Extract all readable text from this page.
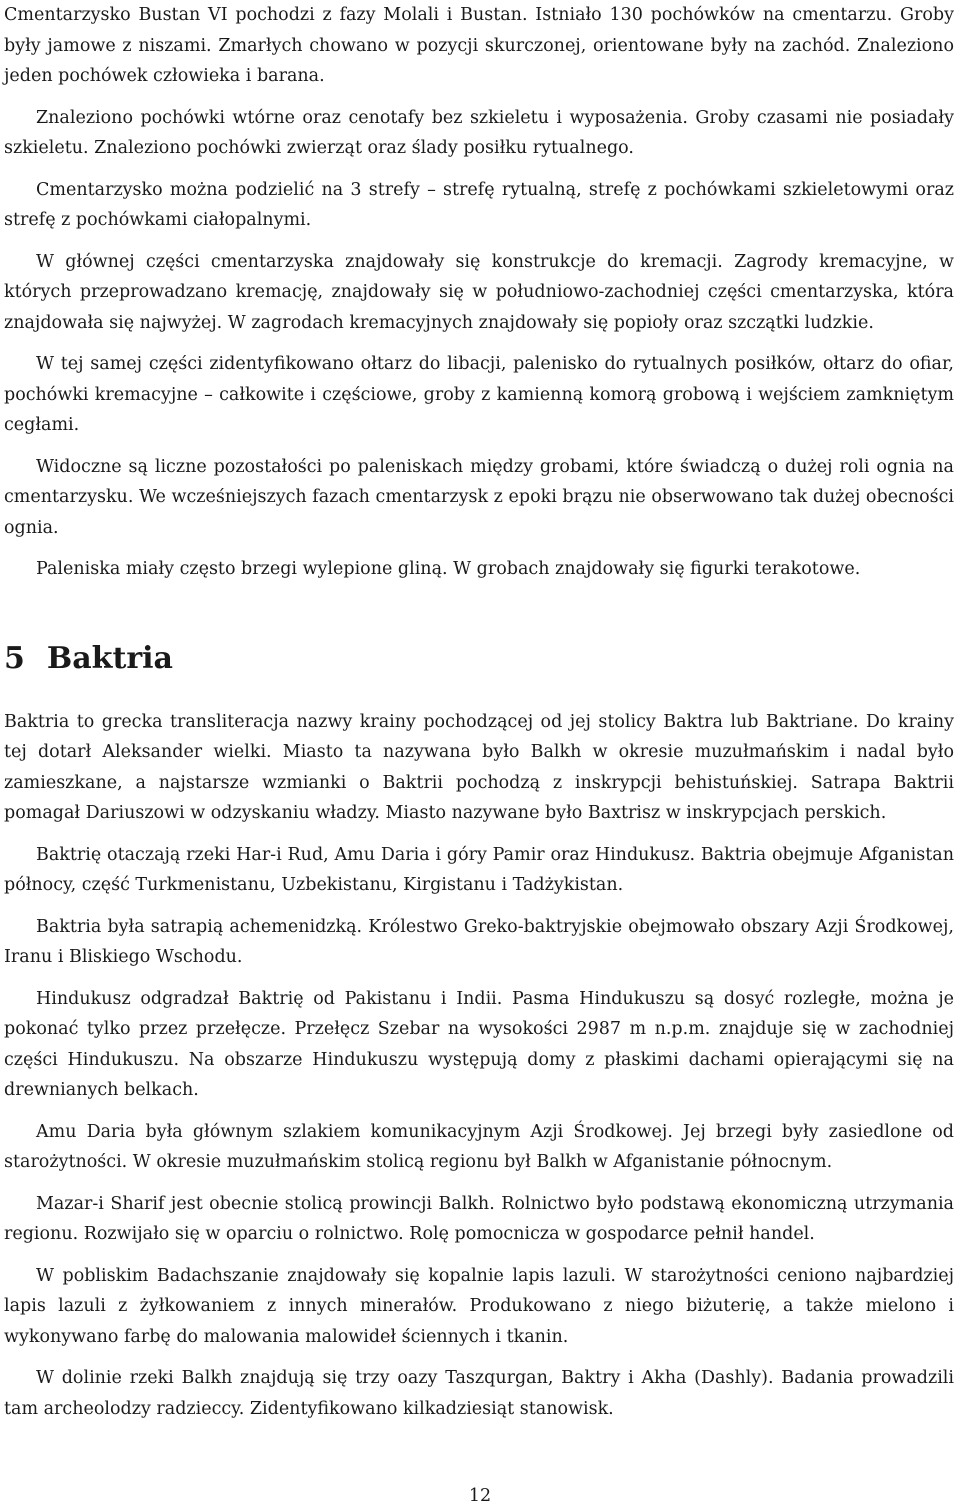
Cmentarzysko Bustan VI pochodzi z fazy Molali i Bustan. Istniało 130 pochówków na cmentarzu. Groby były jamowe z niszami. Zmarłych chowano w pozycji skurczonej, orientowane były na zachód. Znaleziono jeden pochówek człowieka i barana.

Znaleziono pochówki wtórne oraz cenotafy bez szkieletu i wyposażenia. Groby czasami nie posiadały szkieletu. Znaleziono pochówki zwierząt oraz ślady posiłku rytualnego.

Cmentarzysko można podzielić na 3 strefy – strefę rytualną, strefę z pochówkami szkieletowymi oraz strefę z pochówkami ciałopalnymi.

W głównej części cmentarzyska znajdowały się konstrukcje do kremacji. Zagrody kremacyjne, w których przeprowadzano kremację, znajdowały się w południowo-zachodniej części cmentarzyska, która znajdowała się najwyżej. W zagrodach kremacyjnych znajdowały się popioły oraz szczątki ludzkie.

W tej samej części zidentyfikowano ołtarz do libacji, palenisko do rytualnych posiłków, ołtarz do ofiar, pochówki kremacyjne – całkowite i częściowe, groby z kamienną komorą grobową i wejściem zamkniętym cegłami.

Widoczne są liczne pozostałości po paleniskach między grobami, które świadczą o dużej roli ognia na cmentarzysku. We wcześniejszych fazach cmentarzysk z epoki brązu nie obserwowano tak dużej obecności ognia.

Paleniska miały często brzegi wylepione gliną. W grobach znajdowały się figurki terakotowe.

5 Baktria

Baktria to grecka transliteracja nazwy krainy pochodzącej od jej stolicy Baktra lub Baktriane. Do krainy tej dotarł Aleksander wielki. Miasto ta nazywana było Balkh w okresie muzułmańskim i nadal było zamieszkane, a najstarsze wzmianki o Baktrii pochodzą z inskrypcji behistuńskiej. Satrapa Baktrii pomagał Dariuszowi w odzyskaniu władzy. Miasto nazywane było Baxtrisz w inskrypcjach perskich.

Baktrię otaczają rzeki Har-i Rud, Amu Daria i góry Pamir oraz Hindukusz. Baktria obejmuje Afganistan północy, część Turkmenistanu, Uzbekistanu, Kirgistanu i Tadżykistan.

Baktria była satrapią achemenidzką. Królestwo Greko-baktryjskie obejmowało obszary Azji Środkowej, Iranu i Bliskiego Wschodu.

Hindukusz odgradzał Baktrię od Pakistanu i Indii. Pasma Hindukuszu są dosyć rozległe, można je pokonać tylko przez przełęcze. Przełęcz Szebar na wysokości 2987 m n.p.m. znajduje się w zachodniej części Hindukuszu. Na obszarze Hindukuszu występują domy z płaskimi dachami opierającymi się na drewnianych belkach.

Amu Daria była głównym szlakiem komunikacyjnym Azji Środkowej. Jej brzegi były zasiedlone od starożytności. W okresie muzułmańskim stolicą regionu był Balkh w Afganistanie północnym.

Mazar-i Sharif jest obecnie stolicą prowincji Balkh. Rolnictwo było podstawą ekonomiczną utrzymania regionu. Rozwijało się w oparciu o rolnictwo. Rolę pomocnicza w gospodarce pełnił handel.

W pobliskim Badachszanie znajdowały się kopalnie lapis lazuli. W starożytności ceniono najbardziej lapis lazuli z żyłkowaniem z innych minerałów. Produkowano z niego biżuterię, a także mielono i wykonywano farbę do malowania malowideł ściennych i tkanin.

W dolinie rzeki Balkh znajdują się trzy oazy Taszqurgan, Baktry i Akha (Dashly). Badania prowadzili tam archeolodzy radzieccy. Zidentyfikowano kilkadziesiąt stanowisk.

12
